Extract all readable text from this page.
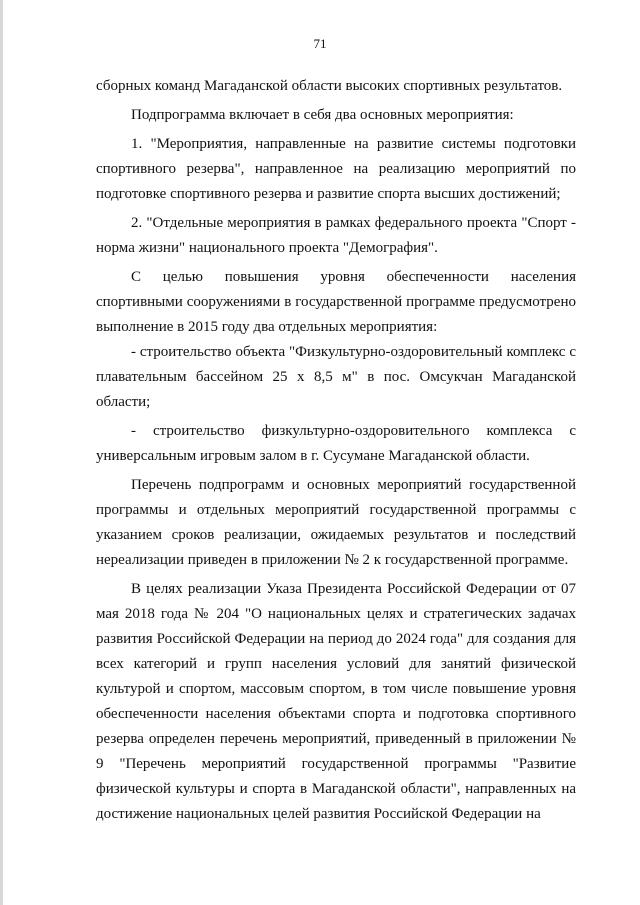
71

сборных команд Магаданской области высоких спортивных результатов.

Подпрограмма включает в себя два основных мероприятия:

1. "Мероприятия, направленные на развитие системы подготовки спортивного резерва", направленное на реализацию мероприятий по подготовке спортивного резерва и развитие спорта высших достижений;

2. "Отдельные мероприятия в рамках федерального проекта "Спорт - норма жизни" национального проекта "Демография".

С целью повышения уровня обеспеченности населения спортивными сооружениями в государственной программе предусмотрено выполнение в 2015 году два отдельных мероприятия:

- строительство объекта "Физкультурно-оздоровительный комплекс с плавательным бассейном 25 х 8,5 м" в пос. Омсукчан Магаданской области;

- строительство физкультурно-оздоровительного комплекса с универсальным игровым залом в г. Сусумане Магаданской области.

Перечень подпрограмм и основных мероприятий государственной программы и отдельных мероприятий государственной программы с указанием сроков реализации, ожидаемых результатов и последствий нереализации приведен в приложении № 2 к государственной программе.

В целях реализации Указа Президента Российской Федерации от 07 мая 2018 года № 204 "О национальных целях и стратегических задачах развития Российской Федерации на период до 2024 года" для создания для всех категорий и групп населения условий для занятий физической культурой и спортом, массовым спортом, в том числе повышение уровня обеспеченности населения объектами спорта и подготовка спортивного резерва определен перечень мероприятий, приведенный в приложении № 9 "Перечень мероприятий государственной программы "Развитие физической культуры и спорта в Магаданской области", направленных на достижение национальных целей развития Российской Федерации на
